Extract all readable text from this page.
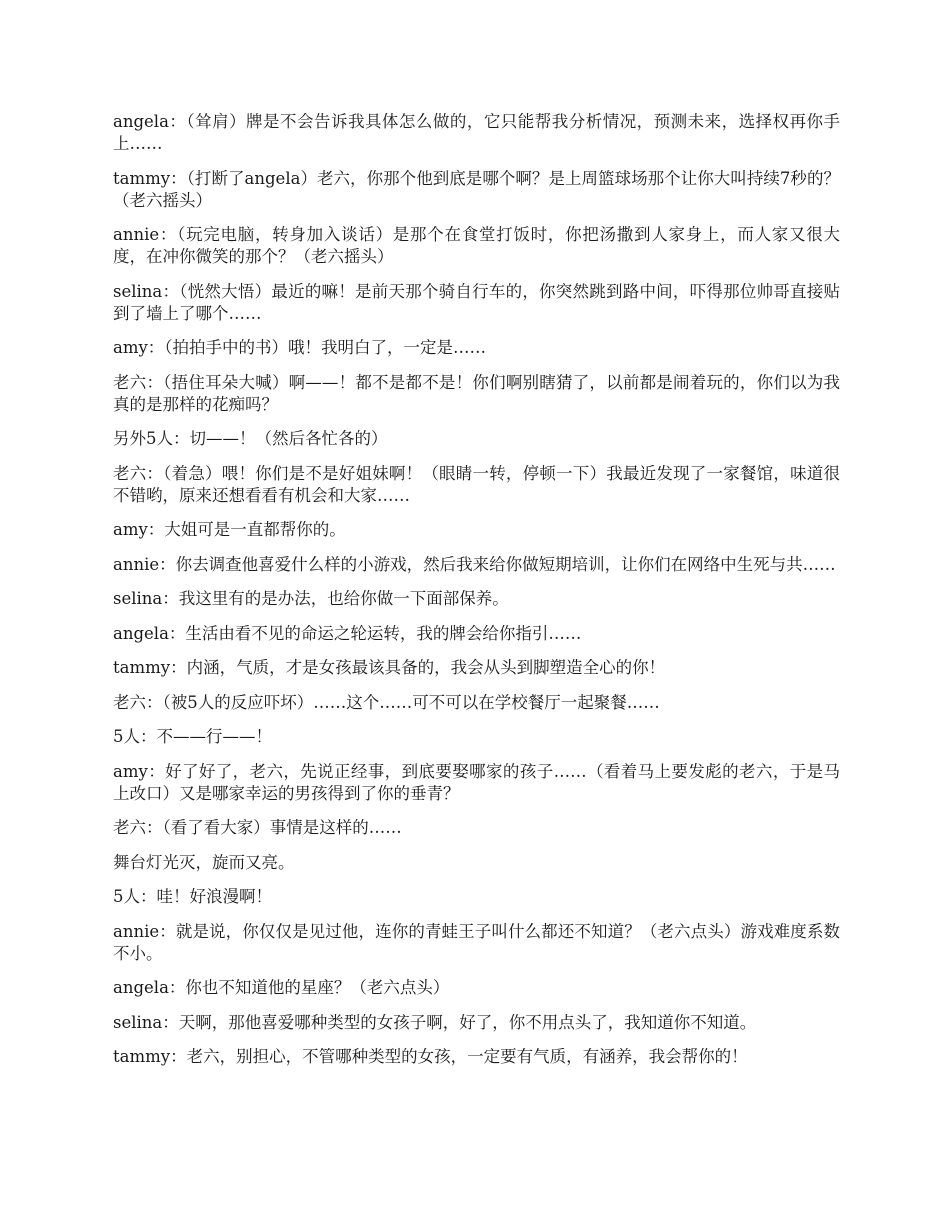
angela：（耸肩）牌是不会告诉我具体怎么做的，它只能帮我分析情况，预测未来，选择权再你手上……

tammy：（打断了angela）老六，你那个他到底是哪个啊？是上周篮球场那个让你大叫持续7秒的？（老六摇头）

annie：（玩完电脑，转身加入谈话）是那个在食堂打饭时，你把汤撒到人家身上，而人家又很大度，在冲你微笑的那个？（老六摇头）

selina：（恍然大悟）最近的嘛！是前天那个骑自行车的，你突然跳到路中间，吓得那位帅哥直接贴到了墙上了哪个……

amy：（拍拍手中的书）哦！我明白了，一定是……

老六：（捂住耳朵大喊）啊——！都不是都不是！你们啊别瞎猜了，以前都是闹着玩的，你们以为我真的是那样的花痴吗？

另外5人：切——！（然后各忙各的）

老六：（着急）喂！你们是不是好姐妹啊！（眼睛一转，停顿一下）我最近发现了一家餐馆，味道很不错哟，原来还想看看有机会和大家……

amy：大姐可是一直都帮你的。

annie：你去调查他喜爱什么样的小游戏，然后我来给你做短期培训，让你们在网络中生死与共……

selina：我这里有的是办法，也给你做一下面部保养。

angela：生活由看不见的命运之轮运转，我的牌会给你指引……

tammy：内涵，气质，才是女孩最该具备的，我会从头到脚塑造全心的你！

老六：（被5人的反应吓坏）……这个……可不可以在学校餐厅一起聚餐……

5人：不——行——！

amy：好了好了，老六，先说正经事，到底要娶哪家的孩子……（看着马上要发彪的老六，于是马上改口）又是哪家幸运的男孩得到了你的垂青？

老六：（看了看大家）事情是这样的……

舞台灯光灭，旋而又亮。

5人：哇！好浪漫啊！

annie：就是说，你仅仅是见过他，连你的青蛙王子叫什么都还不知道？（老六点头）游戏难度系数不小。

angela：你也不知道他的星座？（老六点头）

selina：天啊，那他喜爱哪种类型的女孩子啊，好了，你不用点头了，我知道你不知道。

tammy：老六，别担心，不管哪种类型的女孩，一定要有气质，有涵养，我会帮你的！
